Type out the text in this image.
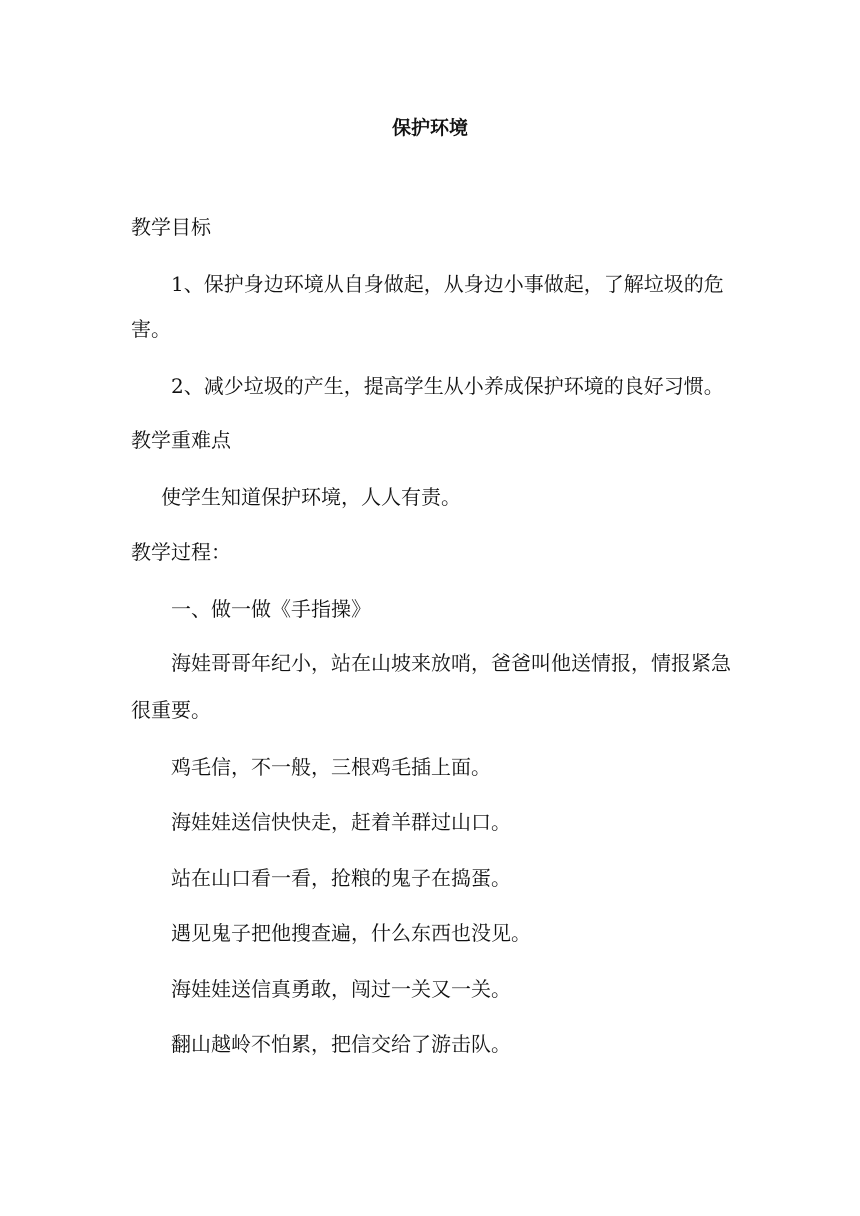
保护环境
教学目标
1、保护身边环境从自身做起，从身边小事做起，了解垃圾的危
害。
2、减少垃圾的产生，提高学生从小养成保护环境的良好习惯。
教学重难点
使学生知道保护环境，人人有责。
教学过程：
一、做一做《手指操》
海娃哥哥年纪小，站在山坡来放哨，爸爸叫他送情报，情报紧急
很重要。
鸡毛信，不一般，三根鸡毛插上面。
海娃娃送信快快走，赶着羊群过山口。
站在山口看一看，抢粮的鬼子在捣蛋。
遇见鬼子把他搜查遍，什么东西也没见。
海娃娃送信真勇敢，闯过一关又一关。
翻山越岭不怕累，把信交给了游击队。
